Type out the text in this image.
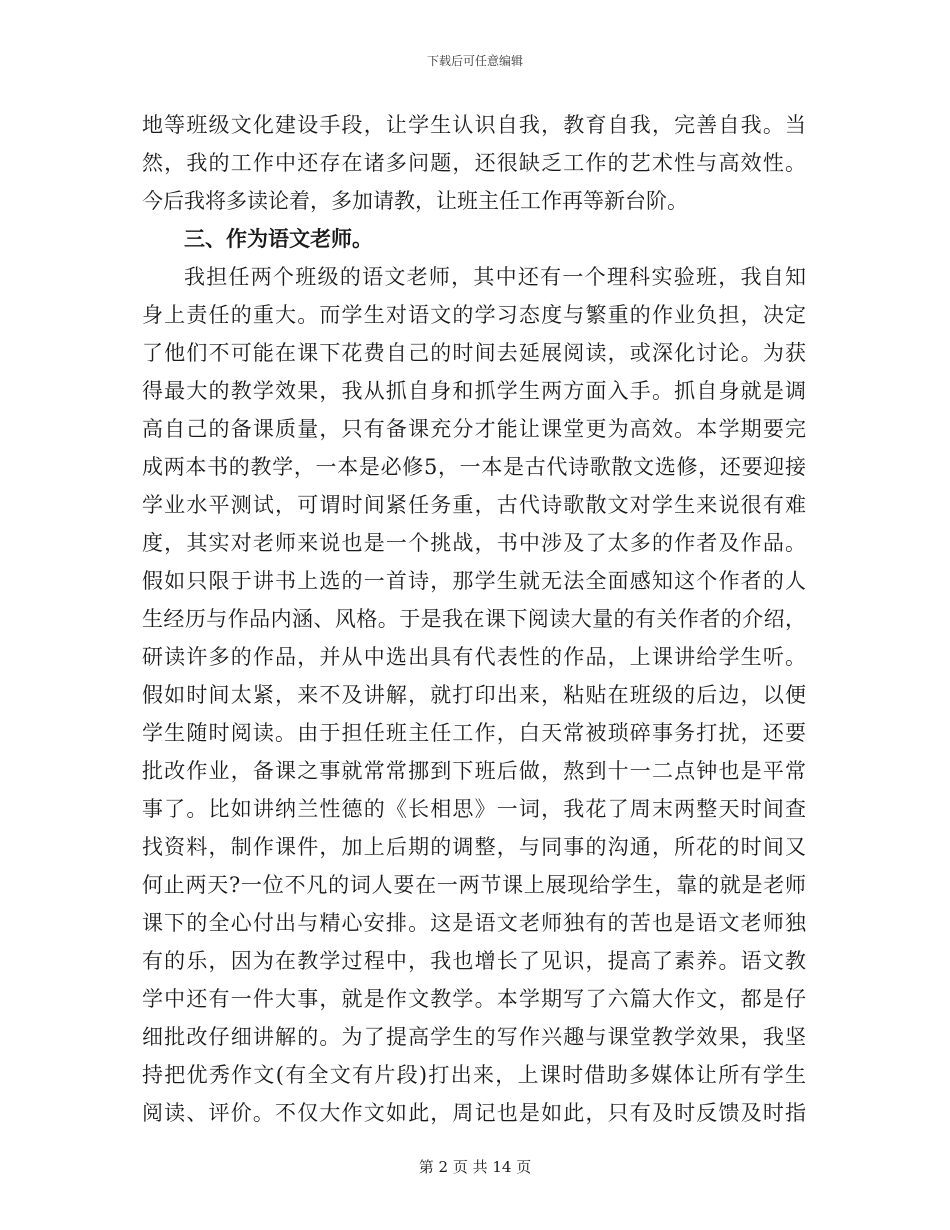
下载后可任意编辑
地等班级文化建设手段，让学生认识自我，教育自我，完善自我。当
然，我的工作中还存在诸多问题，还很缺乏工作的艺术性与高效性。
今后我将多读论着，多加请教，让班主任工作再等新台阶。
三、作为语文老师。
我担任两个班级的语文老师，其中还有一个理科实验班，我自知
身上责任的重大。而学生对语文的学习态度与繁重的作业负担，决定
了他们不可能在课下花费自己的时间去延展阅读，或深化讨论。为获
得最大的教学效果，我从抓自身和抓学生两方面入手。抓自身就是调
高自己的备课质量，只有备课充分才能让课堂更为高效。本学期要完
成两本书的教学，一本是必修5，一本是古代诗歌散文选修，还要迎接
学业水平测试，可谓时间紧任务重，古代诗歌散文对学生来说很有难
度，其实对老师来说也是一个挑战，书中涉及了太多的作者及作品。
假如只限于讲书上选的一首诗，那学生就无法全面感知这个作者的人
生经历与作品内涵、风格。于是我在课下阅读大量的有关作者的介绍，
研读许多的作品，并从中选出具有代表性的作品，上课讲给学生听。
假如时间太紧，来不及讲解，就打印出来，粘贴在班级的后边，以便
学生随时阅读。由于担任班主任工作，白天常被琐碎事务打扰，还要
批改作业，备课之事就常常挪到下班后做，熬到十一二点钟也是平常
事了。比如讲纳兰性德的《长相思》一词，我花了周末两整天时间查
找资料，制作课件，加上后期的调整，与同事的沟通，所花的时间又
何止两天?一位不凡的词人要在一两节课上展现给学生，靠的就是老师
课下的全心付出与精心安排。这是语文老师独有的苦也是语文老师独
有的乐，因为在教学过程中，我也增长了见识，提高了素养。语文教
学中还有一件大事，就是作文教学。本学期写了六篇大作文，都是仔
细批改仔细讲解的。为了提高学生的写作兴趣与课堂教学效果，我坚
持把优秀作文(有全文有片段)打出来，上课时借助多媒体让所有学生
阅读、评价。不仅大作文如此，周记也是如此，只有及时反馈及时指
第 2 页 共 14 页
